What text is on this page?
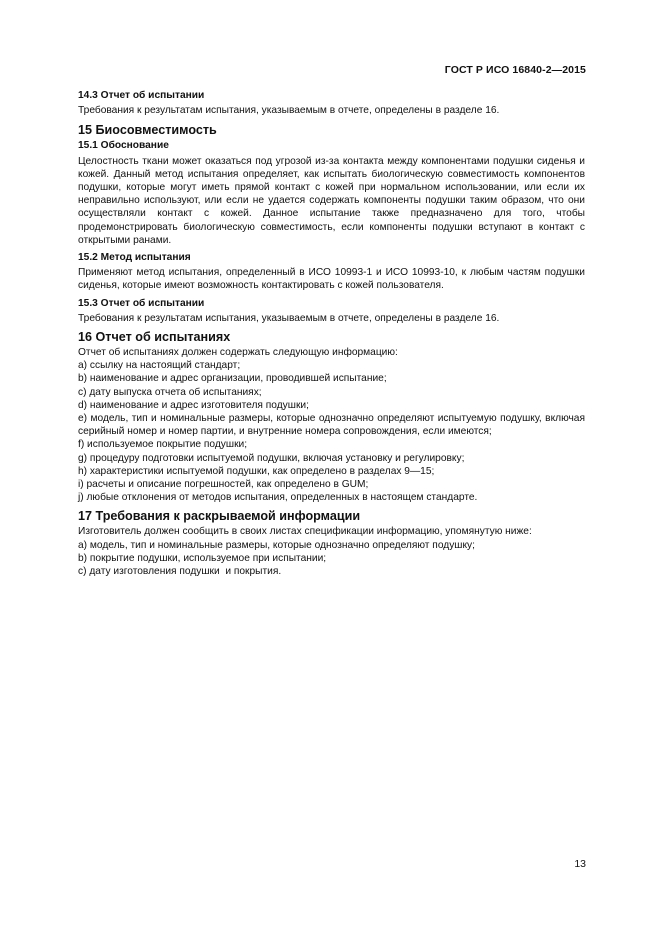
ГОСТ Р ИСО 16840-2—2015
14.3 Отчет об испытании

Требования к результатам испытания, указываемым в отчете, определены в разделе 16.

15 Биосовместимость
15.1 Обоснование

Целостность ткани может оказаться под угрозой из-за контакта между компонентами подушки сиденья и кожей. Данный метод испытания определяет, как испытать биологическую совместимость компонентов подушки, которые могут иметь прямой контакт с кожей при нормальном использовании, или если их неправильно используют, или если не удается содержать компоненты подушки таким образом, что они осуществляли контакт с кожей. Данное испытание также предназначено для того, чтобы продемонстрировать биологическую совместимость, если компоненты подушки вступают в контакт с открытыми ранами.

15.2 Метод испытания

Применяют метод испытания, определенный в ИСО 10993-1 и ИСО 10993-10, к любым частям подушки сиденья, которые имеют возможность контактировать с кожей пользователя.

15.3 Отчет об испытании

Требования к результатам испытания, указываемым в отчете, определены в разделе 16.

16 Отчет об испытаниях

Отчет об испытаниях должен содержать следующую информацию:

a) ссылку на настоящий стандарт;

b) наименование и адрес организации, проводившей испытание;

c) дату выпуска отчета об испытаниях;

d) наименование и адрес изготовителя подушки;

e) модель, тип и номинальные размеры, которые однозначно определяют испытуемую подушку, включая серийный номер и номер партии, и внутренние номера сопровождения, если имеются;

f) используемое покрытие подушки;

g) процедуру подготовки испытуемой подушки, включая установку и регулировку;

h) характеристики испытуемой подушки, как определено в разделах 9—15;

i) расчеты и описание погрешностей, как определено в GUM;

j) любые отклонения от методов испытания, определенных в настоящем стандарте.

17 Требования к раскрываемой информации

Изготовитель должен сообщить в своих листах спецификации информацию, упомянутую ниже:

a) модель, тип и номинальные размеры, которые однозначно определяют подушку;

b) покрытие подушки, используемое при испытании;

c) дату изготовления подушки  и покрытия.

13
